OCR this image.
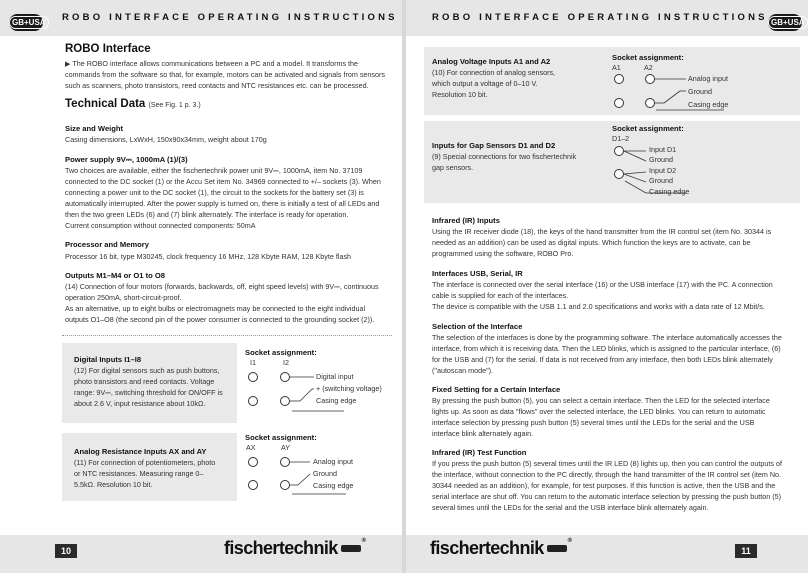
GB+USA ROBO INTERFACE OPERATING INSTRUCTIONS
ROBO Interface
▶ The ROBO interface allows communications between a PC and a model. It transforms the commands from the software so that, for example, motors can be activated and signals from sensors such as scanners, photo transistors, reed contacts and NTC resistances etc. can be processed.
Technical Data (See Fig. 1 p. 3.)
Size and Weight
Casing dimensions, LxWxH, 150x90x34mm, weight about 170g
Power supply 9V⎓, 1000mA (1)/(3)
Two choices are available, either the fischertechnik power unit 9V⎓, 1000mA, item No. 37109 connected to the DC socket (1) or the Accu Set item No. 34969 connected to +/– sockets (3). When connecting a power unit to the DC socket (1), the circuit to the sockets for the battery set (3) is automatically interrupted. After the power supply is turned on, there is initially a test of all LEDs and then the two green LEDs (6) and (7) blink alternately. The interface is ready for operation.
Current consumption without connected components: 50mA
Processor and Memory
Processor 16 bit, type M30245, clock frequency 16 MHz, 128 Kbyte RAM, 128 Kbyte flash
Outputs M1–M4 or O1 to O8
(14) Connection of four motors (forwards, backwards, off, eight speed levels) with 9V⎓, continuous operation 250mA, short-circuit-proof.
As an alternative, up to eight bulbs or electromagnets may be connected to the eight individual outputs O1–O8 (the second pin of the power consumer is connected to the grounding socket (2)).
Digital Inputs I1–I8
(12) For digital sensors such as push buttons, photo transistors and reed contacts. Voltage range: 9V⎓, switching threshold for ON/OFF is about 2.6 V, input resistance about 10kΩ.
Socket assignment:
I1	I2
Digital input
+ (switching voltage)
Casing edge
Analog Resistance Inputs AX and AY
(11) For connection of potentiometers, photo or NTC resistances. Measuring range 0–5.5kΩ. Resolution 10 bit.
Socket assignment:
AX	AY
Analog input
Ground
Casing edge
10	fischertechnik	®
ROBO INTERFACE OPERATING INSTRUCTIONS GB+USA
Analog Voltage Inputs A1 and A2
(10) For connection of analog sensors, which output a voltage of 0–10 V. Resolution 10 bit.
Socket assignment:
A1	A2
Analog input
Ground
Casing edge
Inputs for Gap Sensors D1 and D2
(9) Special connections for two fischertechnik gap sensors.
Socket assignment:
D1–2
Input D1
Ground
Input D2
Ground
Casing edge
Infrared (IR) Inputs
Using the IR receiver diode (18), the keys of the hand transmitter from the IR control set (item No. 30344 is needed as an addition) can be used as digital inputs. Which function the keys are to activate, can be programmed using the software, ROBO Pro.
Interfaces USB, Serial, IR
The interface is connected over the serial interface (16) or the USB interface (17) with the PC. A connection cable is supplied for each of the interfaces.
The device is compatible with the USB 1.1 and 2.0 specifications and works with a data rate of 12 Mbit/s.
Selection of the Interface
The selection of the interfaces is done by the programming software. The interface automatically accesses the interface, from which it is receiving data. Then the LED blinks, which is assigned to the particular interface, (6) for the USB and (7) for the serial. If data is not received from any interface, then both LEDs blink alternately ("autoscan mode").
Fixed Setting for a Certain Interface
By pressing the push button (5), you can select a certain interface. Then the LED for the selected interface lights up. As soon as data "flows" over the selected interface, the LED blinks. You can return to automatic interface selection by pressing push button (5) several times until the LEDs for the serial and the USB interface blink alternately again.
Infrared (IR) Test Function
If you press the push button (5) several times until the IR LED (8) lights up, then you can control the outputs of the interface, without connection to the PC directly, through the hand transmitter of the IR control set (item No. 30344 needed as an addition), for example, for test purposes. If this function is active, then the USB and the serial interface are shut off. You can return to the automatic interface selection by pressing the push button (5) several times until the LEDs for the serial and the USB interface blink alternately again.
fischertechnik	®
11
